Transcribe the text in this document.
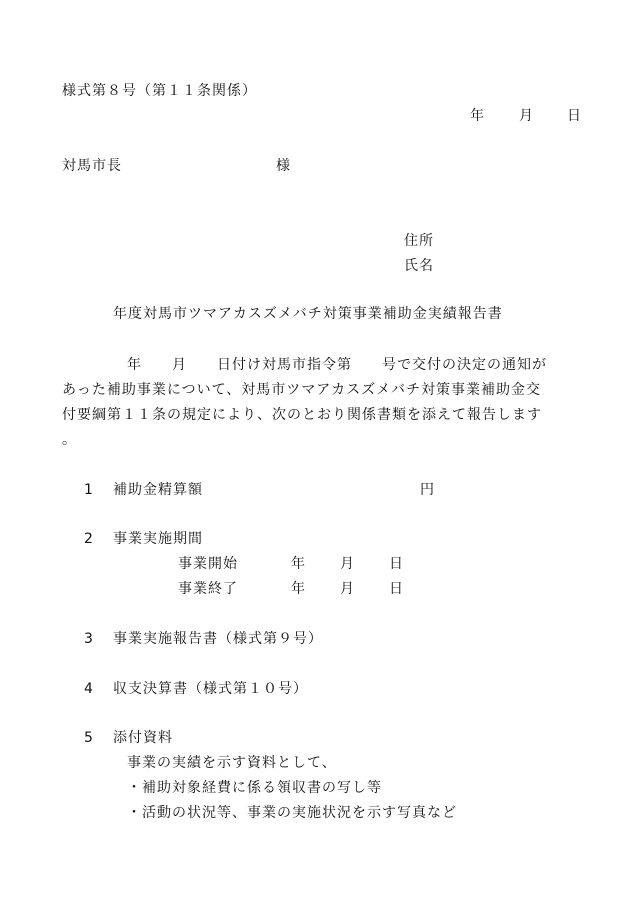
様式第８号（第１１条関係）
年 月 日
対馬市長	様
住所
氏名
年度対馬市ツマアカスズメバチ対策事業補助金実績報告書
年　　月　　日付け対馬市指令第　　号で交付の決定の通知が
あった補助事業について、対馬市ツマアカスズメバチ対策事業補助金交
付要綱第１１条の規定により、次のとおり関係書類を添えて報告します
。
1 補助金精算額	円
2 事業実施期間
事業開始	年 月 日
事業終了	年 月 日
3 事業実施報告書（様式第９号）
4 収支決算書（様式第１０号）
5 添付資料
事業の実績を示す資料として、
・補助対象経費に係る領収書の写し等
・活動の状況等、事業の実施状況を示す写真など
